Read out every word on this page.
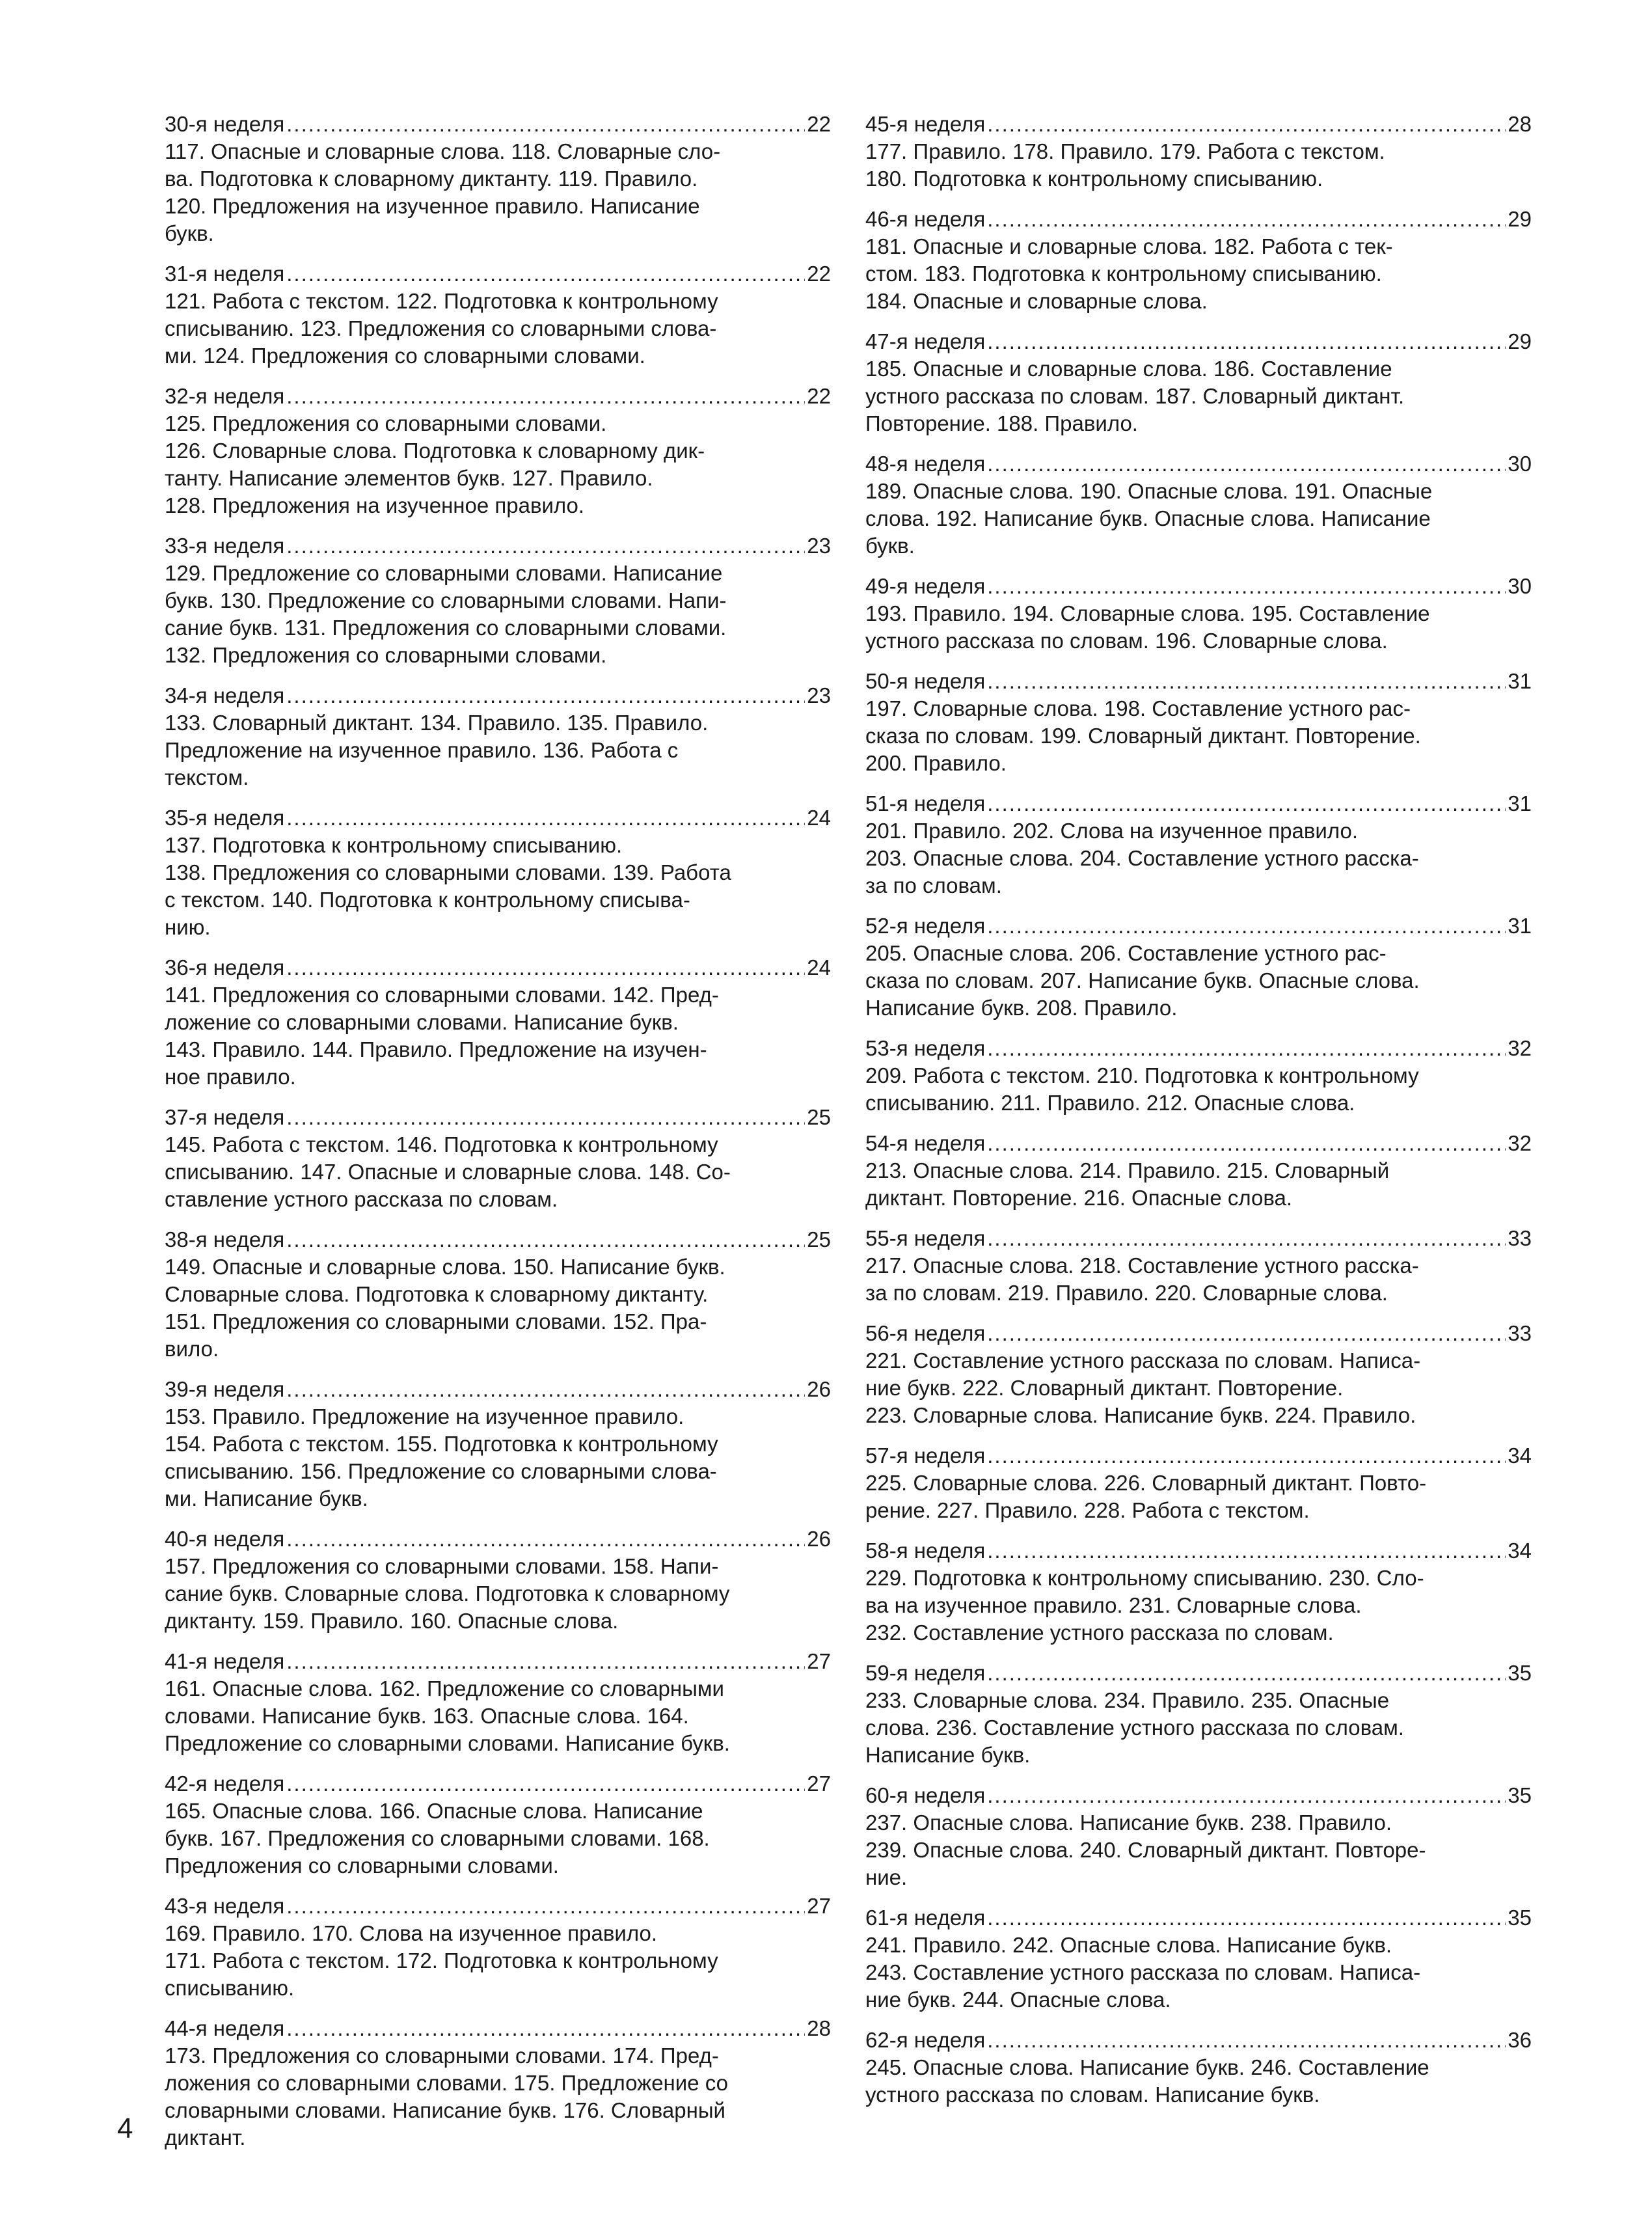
30-я неделя .....	22
117. Опасные и словарные слова. 118. Словарные сло-
ва. Подготовка к словарному диктанту. 119. Правило.
120. Предложения на изученное правило. Написание
букв.
31-я неделя .....	22
121. Работа с текстом. 122. Подготовка к контрольному
списыванию. 123. Предложения со словарными слова-
ми. 124. Предложения со словарными словами.
32-я неделя .....	22
125. Предложения со словарными словами.
126. Словарные слова. Подготовка к словарному дик-
танту. Написание элементов букв. 127. Правило.
128. Предложения на изученное правило.
33-я неделя .....	23
129. Предложение со словарными словами. Написание
букв. 130. Предложение со словарными словами. Напи-
сание букв. 131. Предложения со словарными словами.
132. Предложения со словарными словами.
34-я неделя .....	23
133. Словарный диктант. 134. Правило. 135. Правило.
Предложение на изученное правило. 136. Работа с
текстом.
35-я неделя .....	24
137. Подготовка к контрольному списыванию.
138. Предложения со словарными словами. 139. Работа
с текстом. 140. Подготовка к контрольному списыва-
нию.
36-я неделя .....	24
141. Предложения со словарными словами. 142. Пред-
ложение со словарными словами. Написание букв.
143. Правило. 144. Правило. Предложение на изучен-
ное правило.
37-я неделя .....	25
145. Работа с текстом. 146. Подготовка к контрольному
списыванию. 147. Опасные и словарные слова. 148. Со-
ставление устного рассказа по словам.
38-я неделя .....	25
149. Опасные и словарные слова. 150. Написание букв.
Словарные слова. Подготовка к словарному диктанту.
151. Предложения со словарными словами. 152. Пра-
вило.
39-я неделя .....	26
153. Правило. Предложение на изученное правило.
154. Работа с текстом. 155. Подготовка к контрольному
списыванию. 156. Предложение со словарными слова-
ми. Написание букв.
40-я неделя .....	26
157. Предложения со словарными словами. 158. Напи-
сание букв. Словарные слова. Подготовка к словарному
диктанту. 159. Правило. 160. Опасные слова.
41-я неделя .....	27
161. Опасные слова. 162. Предложение со словарными
словами. Написание букв. 163. Опасные слова. 164.
Предложение со словарными словами. Написание букв.
42-я неделя .....	27
165. Опасные слова. 166. Опасные слова. Написание
букв. 167. Предложения со словарными словами. 168.
Предложения со словарными словами.
43-я неделя .....	27
169. Правило. 170. Слова на изученное правило.
171. Работа с текстом. 172. Подготовка к контрольному
списыванию.
44-я неделя .....	28
173. Предложения со словарными словами. 174. Пред-
ложения со словарными словами. 175. Предложение со
словарными словами. Написание букв. 176. Словарный
диктант.
45-я неделя .....	28
177. Правило. 178. Правило. 179. Работа с текстом.
180. Подготовка к контрольному списыванию.
46-я неделя .....	29
181. Опасные и словарные слова. 182. Работа с тек-
стом. 183. Подготовка к контрольному списыванию.
184. Опасные и словарные слова.
47-я неделя .....	29
185. Опасные и словарные слова. 186. Составление
устного рассказа по словам. 187. Словарный диктант.
Повторение. 188. Правило.
48-я неделя .....	30
189. Опасные слова. 190. Опасные слова. 191. Опасные
слова. 192. Написание букв. Опасные слова. Написание
букв.
49-я неделя .....	30
193. Правило. 194. Словарные слова. 195. Составление
устного рассказа по словам. 196. Словарные слова.
50-я неделя .....	31
197. Словарные слова. 198. Составление устного рас-
сказа по словам. 199. Словарный диктант. Повторение.
200. Правило.
51-я неделя .....	31
201. Правило. 202. Слова на изученное правило.
203. Опасные слова. 204. Составление устного расска-
за по словам.
52-я неделя .....	31
205. Опасные слова. 206. Составление устного рас-
сказа по словам. 207. Написание букв. Опасные слова.
Написание букв. 208. Правило.
53-я неделя .....	32
209. Работа с текстом. 210. Подготовка к контрольному
списыванию. 211. Правило. 212. Опасные слова.
54-я неделя .....	32
213. Опасные слова. 214. Правило. 215. Словарный
диктант. Повторение. 216. Опасные слова.
55-я неделя .....	33
217. Опасные слова. 218. Составление устного расска-
за по словам. 219. Правило. 220. Словарные слова.
56-я неделя .....	33
221. Составление устного рассказа по словам. Написа-
ние букв. 222. Словарный диктант. Повторение.
223. Словарные слова. Написание букв. 224. Правило.
57-я неделя .....	34
225. Словарные слова. 226. Словарный диктант. Повто-
рение. 227. Правило. 228. Работа с текстом.
58-я неделя .....	34
229. Подготовка к контрольному списыванию. 230. Сло-
ва на изученное правило. 231. Словарные слова.
232. Составление устного рассказа по словам.
59-я неделя .....	35
233. Словарные слова. 234. Правило. 235. Опасные
слова. 236. Составление устного рассказа по словам.
Написание букв.
60-я неделя .....	35
237. Опасные слова. Написание букв. 238. Правило.
239. Опасные слова. 240. Словарный диктант. Повторе-
ние.
61-я неделя .....	35
241. Правило. 242. Опасные слова. Написание букв.
243. Составление устного рассказа по словам. Написа-
ние букв. 244. Опасные слова.
62-я неделя .....	36
245. Опасные слова. Написание букв. 246. Составление
устного рассказа по словам. Написание букв.
4
